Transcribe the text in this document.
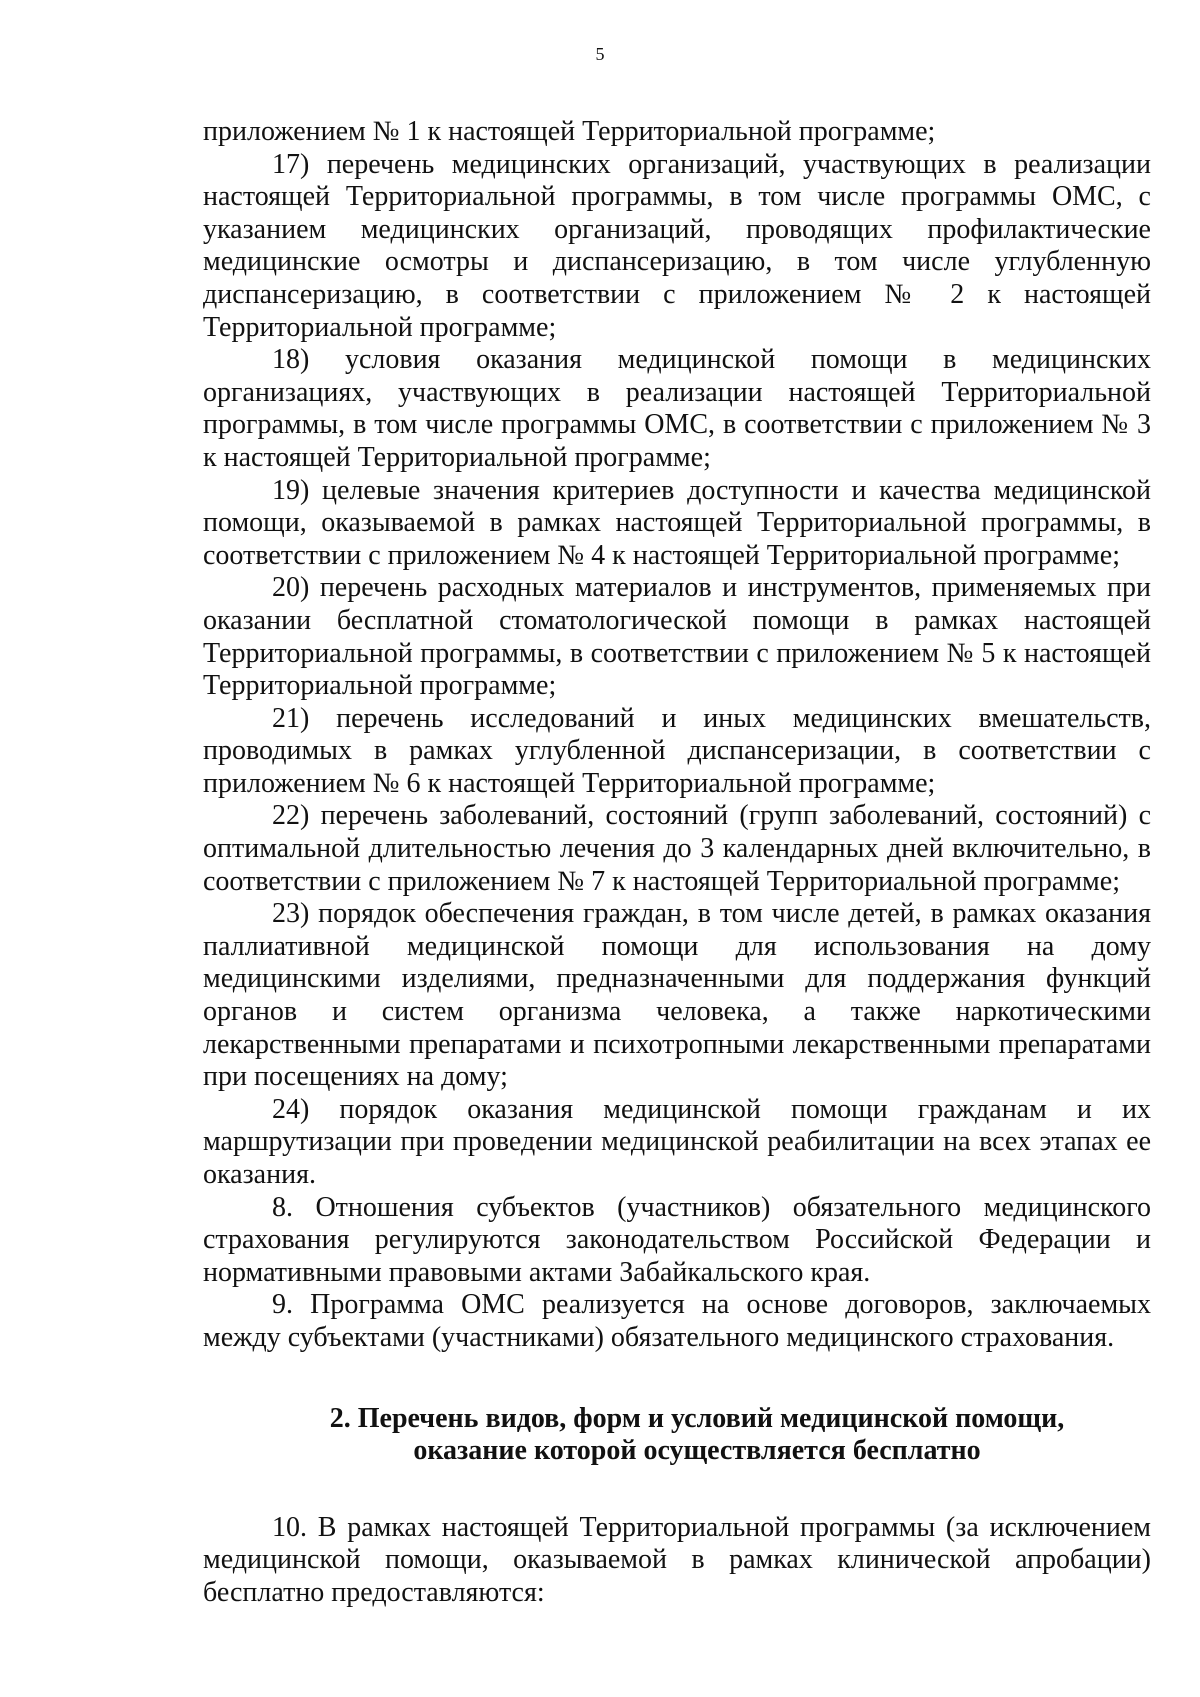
5

приложением № 1 к настоящей Территориальной программе;

17) перечень медицинских организаций, участвующих в реализации настоящей Территориальной программы, в том числе программы ОМС, с указанием медицинских организаций, проводящих профилактические медицинские осмотры и диспансеризацию, в том числе углубленную диспансеризацию, в соответствии с приложением № 2 к настоящей Территориальной программе;

18) условия оказания медицинской помощи в медицинских организациях, участвующих в реализации настоящей Территориальной программы, в том числе программы ОМС, в соответствии с приложением № 3 к настоящей Территориальной программе;

19) целевые значения критериев доступности и качества медицинской помощи, оказываемой в рамках настоящей Территориальной программы, в соответствии с приложением № 4 к настоящей Территориальной программе;

20) перечень расходных материалов и инструментов, применяемых при оказании бесплатной стоматологической помощи в рамках настоящей Территориальной программы, в соответствии с приложением № 5 к настоящей Территориальной программе;

21) перечень исследований и иных медицинских вмешательств, проводимых в рамках углубленной диспансеризации, в соответствии с приложением № 6 к настоящей Территориальной программе;

22) перечень заболеваний, состояний (групп заболеваний, состояний) с оптимальной длительностью лечения до 3 календарных дней включительно, в соответствии с приложением № 7 к настоящей Территориальной программе;

23) порядок обеспечения граждан, в том числе детей, в рамках оказания паллиативной медицинской помощи для использования на дому медицинскими изделиями, предназначенными для поддержания функций органов и систем организма человека, а также наркотическими лекарственными препаратами и психотропными лекарственными препаратами при посещениях на дому;

24) порядок оказания медицинской помощи гражданам и их маршрутизации при проведении медицинской реабилитации на всех этапах ее оказания.

8. Отношения субъектов (участников) обязательного медицинского страхования регулируются законодательством Российской Федерации и нормативными правовыми актами Забайкальского края.

9. Программа ОМС реализуется на основе договоров, заключаемых между субъектами (участниками) обязательного медицинского страхования.

2. Перечень видов, форм и условий медицинской помощи,
оказание которой осуществляется бесплатно

10. В рамках настоящей Территориальной программы (за исключением медицинской помощи, оказываемой в рамках клинической апробации) бесплатно предоставляются:
